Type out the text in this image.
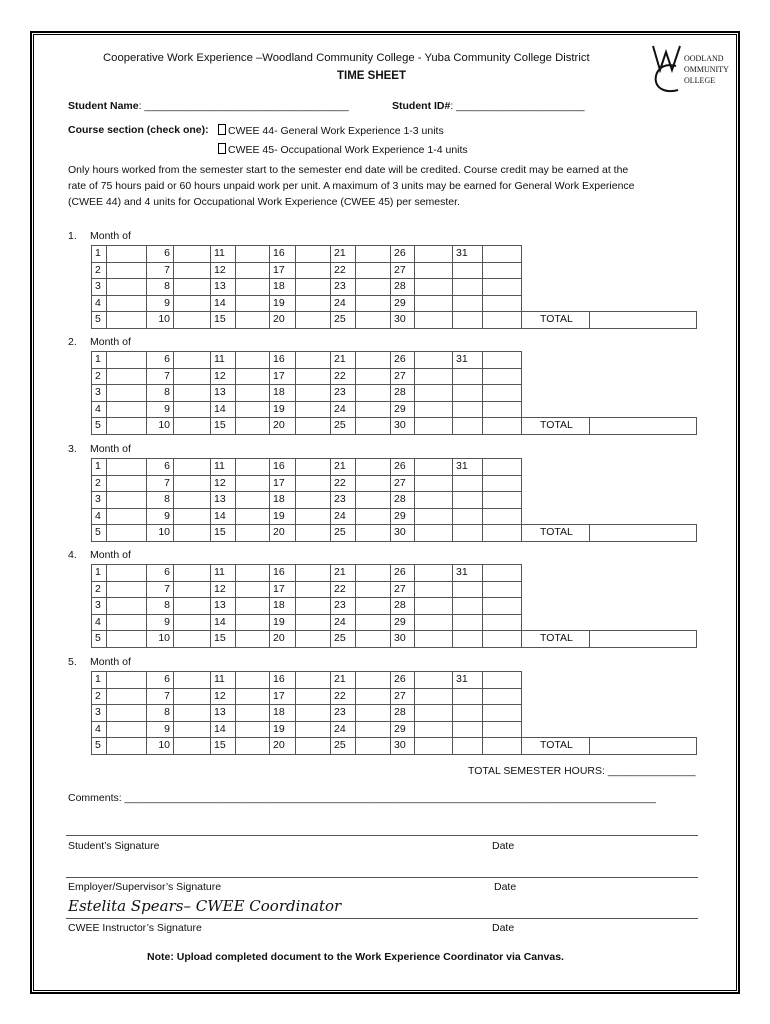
Cooperative Work Experience –Woodland Community College - Yuba Community College District
TIME SHEET
OODLAND
OMMUNITY
OLLEGE
Student Name: ___________________________________	Student ID#: ______________________
Course section (check one):	CWEE 44- General Work Experience 1-3 units
CWEE 45- Occupational Work Experience 1-4 units
Only hours worked from the semester start to the semester end date will be credited. Course credit may be earned at the
rate of 75 hours paid or 60 hours unpaid work per unit. A maximum of 3 units may be earned for General Work Experience
(CWEE 44) and 4 units for Occupational Work Experience (CWEE 45) per semester.
1. Month of
1	6	11	16	21	26	31
2	7	12	17	22	27
3	8	13	18	23	28
4	9	14	19	24	29
5	10	15	20	25	30	TOTAL
2. Month of
1	6	11	16	21	26	31
2	7	12	17	22	27
3	8	13	18	23	28
4	9	14	19	24	29
5	10	15	20	25	30	TOTAL
3. Month of
1	6	11	16	21	26	31
2	7	12	17	22	27
3	8	13	18	23	28
4	9	14	19	24	29
5	10	15	20	25	30	TOTAL
4. Month of
1	6	11	16	21	26	31
2	7	12	17	22	27
3	8	13	18	23	28
4	9	14	19	24	29
5	10	15	20	25	30	TOTAL
5. Month of
1	6	11	16	21	26	31
2	7	12	17	22	27
3	8	13	18	23	28
4	9	14	19	24	29
5	10	15	20	25	30	TOTAL
TOTAL SEMESTER HOURS: _______________
Comments: ___________________________________________________________________________________________
Student’s Signature	Date
Employer/Supervisor’s Signature	Date
Estelita Spears– CWEE Coordinator
CWEE Instructor’s Signature	Date
Note: Upload completed document to the Work Experience Coordinator via Canvas.
